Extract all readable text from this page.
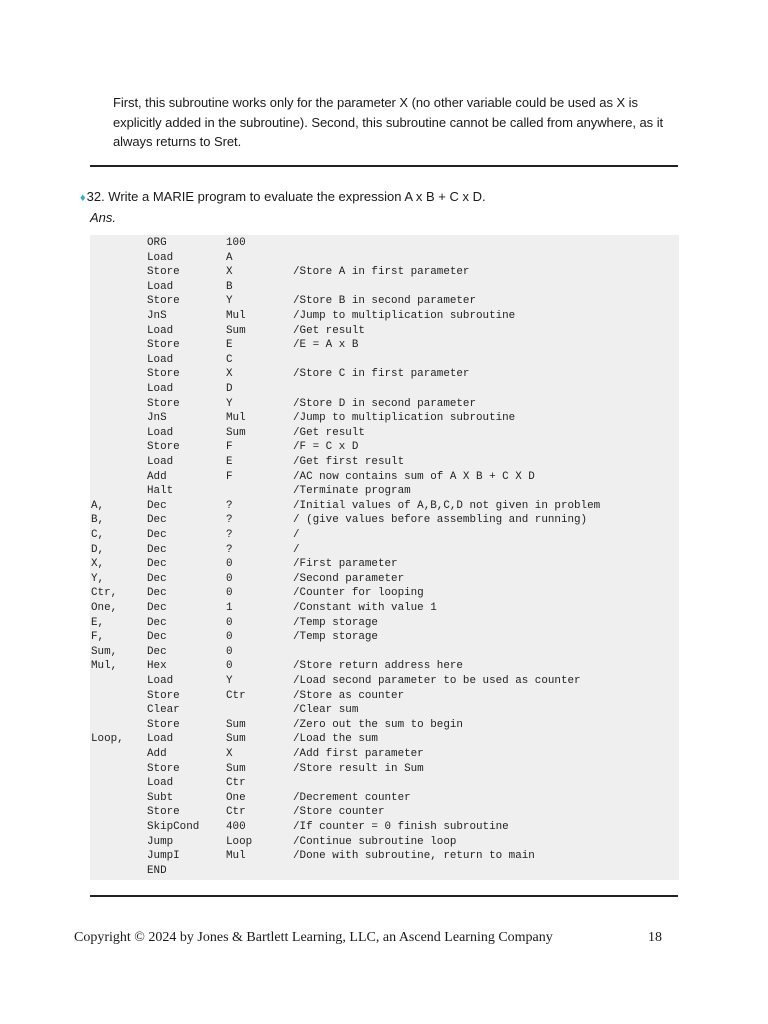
First, this subroutine works only for the parameter X (no other variable could be used as X is explicitly added in the subroutine). Second, this subroutine cannot be called from anywhere, as it always returns to Sret.
♦32. Write a MARIE program to evaluate the expression A x B + C x D.
Ans.
ORG	100
Load	A
Store	X	/Store A in first parameter
Load	B
Store	Y	/Store B in second parameter
JnS	Mul	/Jump to multiplication subroutine
Load	Sum	/Get result
Store	E	/E = A x B
Load	C
Store	X	/Store C in first parameter
Load	D
Store	Y	/Store D in second parameter
JnS	Mul	/Jump to multiplication subroutine
Load	Sum	/Get result
Store	F	/F = C x D
Load	E	/Get first result
Add	F	/AC now contains sum of A X B + C X D
Halt	/Terminate program
A,	Dec	?	/Initial values of A,B,C,D not given in problem
B,	Dec	?	/ (give values before assembling and running)
C,	Dec	?	/
D,	Dec	?	/
X,	Dec	0	/First parameter
Y,	Dec	0	/Second parameter
Ctr,	Dec	0	/Counter for looping
One,	Dec	1	/Constant with value 1
E,	Dec	0	/Temp storage
F,	Dec	0	/Temp storage
Sum,	Dec	0
Mul,	Hex	0	/Store return address here
Load	Y	/Load second parameter to be used as counter
Store	Ctr	/Store as counter
Clear	/Clear sum
Store	Sum	/Zero out the sum to begin
Loop, Load	Sum	/Load the sum
Add	X	/Add first parameter
Store	Sum	/Store result in Sum
Load	Ctr
Subt	One	/Decrement counter
Store	Ctr	/Store counter
SkipCond 400	/If counter = 0 finish subroutine
Jump	Loop	/Continue subroutine loop
JumpI	Mul	/Done with subroutine, return to main
END
Copyright © 2024 by Jones & Bartlett Learning, LLC, an Ascend Learning Company	18
